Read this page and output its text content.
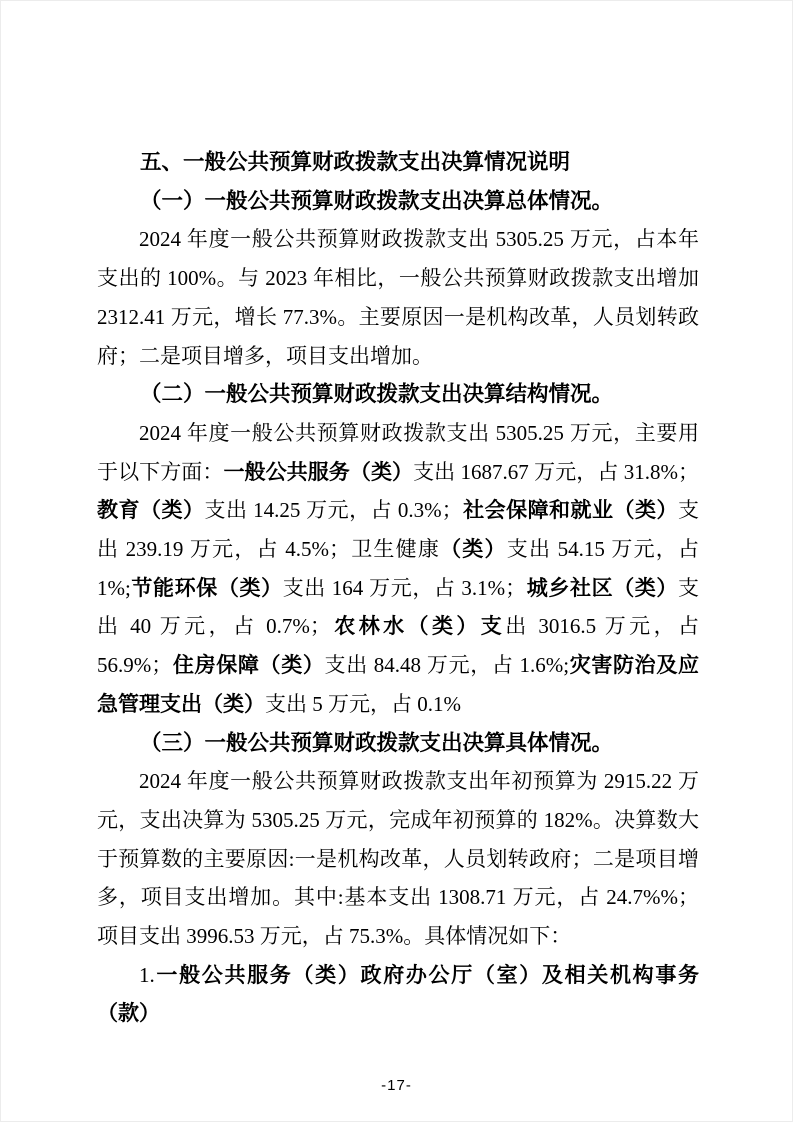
五、一般公共预算财政拨款支出决算情况说明

（一）一般公共预算财政拨款支出决算总体情况。

2024 年度一般公共预算财政拨款支出 5305.25 万元，占本年支出的 100%。与 2023 年相比，一般公共预算财政拨款支出增加 2312.41 万元，增长 77.3%。主要原因一是机构改革，人员划转政府；二是项目增多，项目支出增加。

（二）一般公共预算财政拨款支出决算结构情况。

2024 年度一般公共预算财政拨款支出 5305.25 万元，主要用于以下方面：一般公共服务（类）支出 1687.67 万元，占 31.8%；教育（类）支出 14.25 万元，占 0.3%；社会保障和就业（类）支出 239.19 万元，占 4.5%；卫生健康（类）支出 54.15 万元，占 1%;节能环保（类）支出 164 万元，占 3.1%；城乡社区（类）支出 40 万元，占 0.7%；农林水（类）支出 3016.5 万元，占 56.9%；住房保障（类）支出 84.48 万元，占 1.6%;灾害防治及应急管理支出（类）支出 5 万元，占 0.1%

（三）一般公共预算财政拨款支出决算具体情况。

2024 年度一般公共预算财政拨款支出年初预算为 2915.22 万元，支出决算为 5305.25 万元，完成年初预算的 182%。决算数大于预算数的主要原因:一是机构改革，人员划转政府；二是项目增多，项目支出增加。其中:基本支出 1308.71 万元，占 24.7%%；项目支出 3996.53 万元，占 75.3%。具体情况如下：

1.一般公共服务（类）政府办公厅（室）及相关机构事务（款）

-17-
